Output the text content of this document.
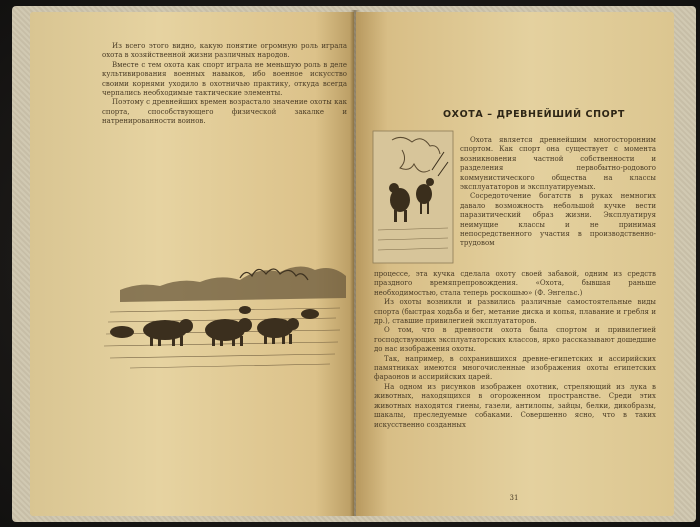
Из всего этого видно, какую понятие огромную роль играла охота в хозяйственной жизни различных народов.

Вместе с тем охота как спорт играла не меньшую роль в деле культивирования военных навыков, ибо военное искусство своими корнями уходило в охотничью практику, откуда всегда черпались необходимые тактические элементы.

Поэтому с древнейших времен возрастало значение охоты как спорта, способствующего физической закалке и натренированности воинов.

ОХОТА – ДРЕВНЕЙШИЙ СПОРТ

Охота является древнейшим многосторонним спортом. Как спорт она существует с момента возникновения частной собственности и разделения первобытно-родового коммунистического общества на классы эксплуататоров и эксплуатируемых.

Сосредоточение богатств в руках немногих давало возможность небольшой кучке вести паразитический образ жизни. Эксплуатируя неимущие классы и не принимая непосредственного участия в производственно-трудовом

процессе, эта кучка сделала охоту своей забавой, одним из средств праздного времяпрепровождения. «Охота, бывшая раньше необходимостью, стала теперь роскошью» (Ф. Энгельс.)

Из охоты возникли и развились различные самостоятельные виды спорта (быстрая ходьба и бег, метание диска и копья, плавание и гребля и др.), ставшие привилегией эксплуататоров.

О том, что в древности охота была спортом и привилегией господствующих эксплуататорских классов, ярко рассказывают дошедшие до нас изображения охоты.

Так, например, в сохранившихся древне-египетских и ассирийских памятниках имеются многочисленные изображения охоты египетских фараонов и ассирийских царей.

На одном из рисунков изображен охотник, стреляющий из лука в животных, находящихся в огороженном пространстве. Среди этих животных находятся гиены, газели, антилопы, зайцы, белки, дикобразы, шакалы, преследуемые собаками. Совершенно ясно, что в таких искусственно созданных

31
